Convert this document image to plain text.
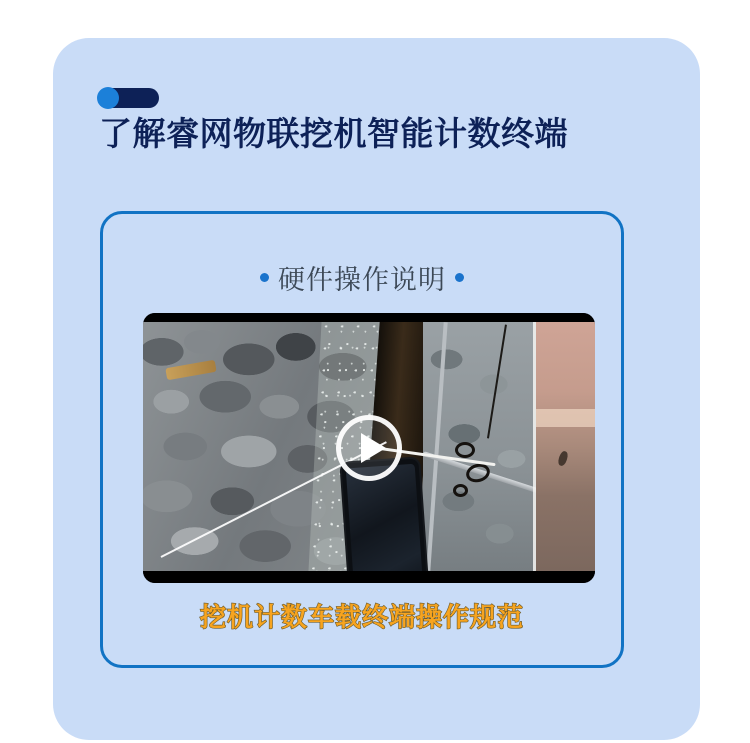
了解睿网物联挖机智能计数终端
硬件操作说明
挖机计数车载终端操作规范
